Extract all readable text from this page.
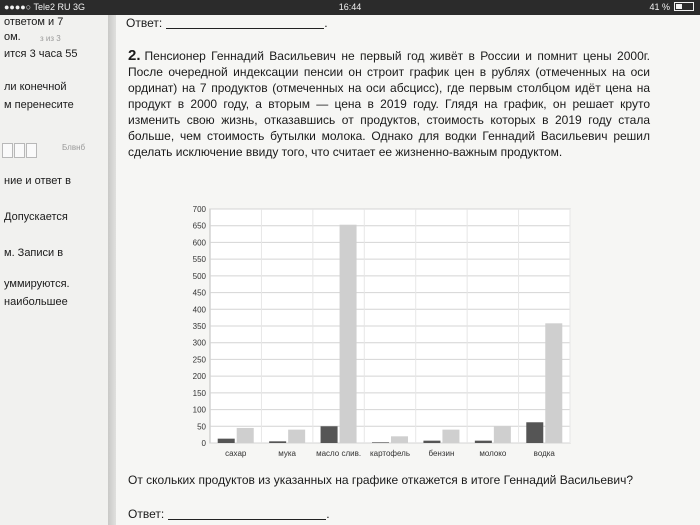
●●●●○ Tele2 RU 3G	16:44	41 %
ответом и 7
ом. з из 3
ится 3 часа 55
ли конечной
м перенесите
Блвнб
ние и ответ в
Допускается
м. Записи в
уммируются.
наибольшее
Ответ:	.
2. Пенсионер Геннадий Васильевич не первый год живёт в России и помнит цены 2000г. После очередной индексации пенсии он строит график цен в рублях (отмеченных на оси ординат) на 7 продуктов (отмеченных на оси абсцисс), где первым столбцом идёт цена на продукт в 2000 году, а вторым — цена в 2019 году. Глядя на график, он решает круто изменить свою жизнь, отказавшись от продуктов, стоимость которых в 2019 году стала больше, чем стоимость бутылки молока. Однако для водки Геннадий Васильевич решил сделать исключение ввиду того, что считает ее жизненно-важным продуктом.
0
50
100
150
200
250
300
350
400
450
500
550
600
650
700
сахар	мука	масло слив. картофель бензин	молоко	водка
От скольких продуктов из указанных на графике откажется в итоге Геннадий Васильевич?
Ответ:	.
